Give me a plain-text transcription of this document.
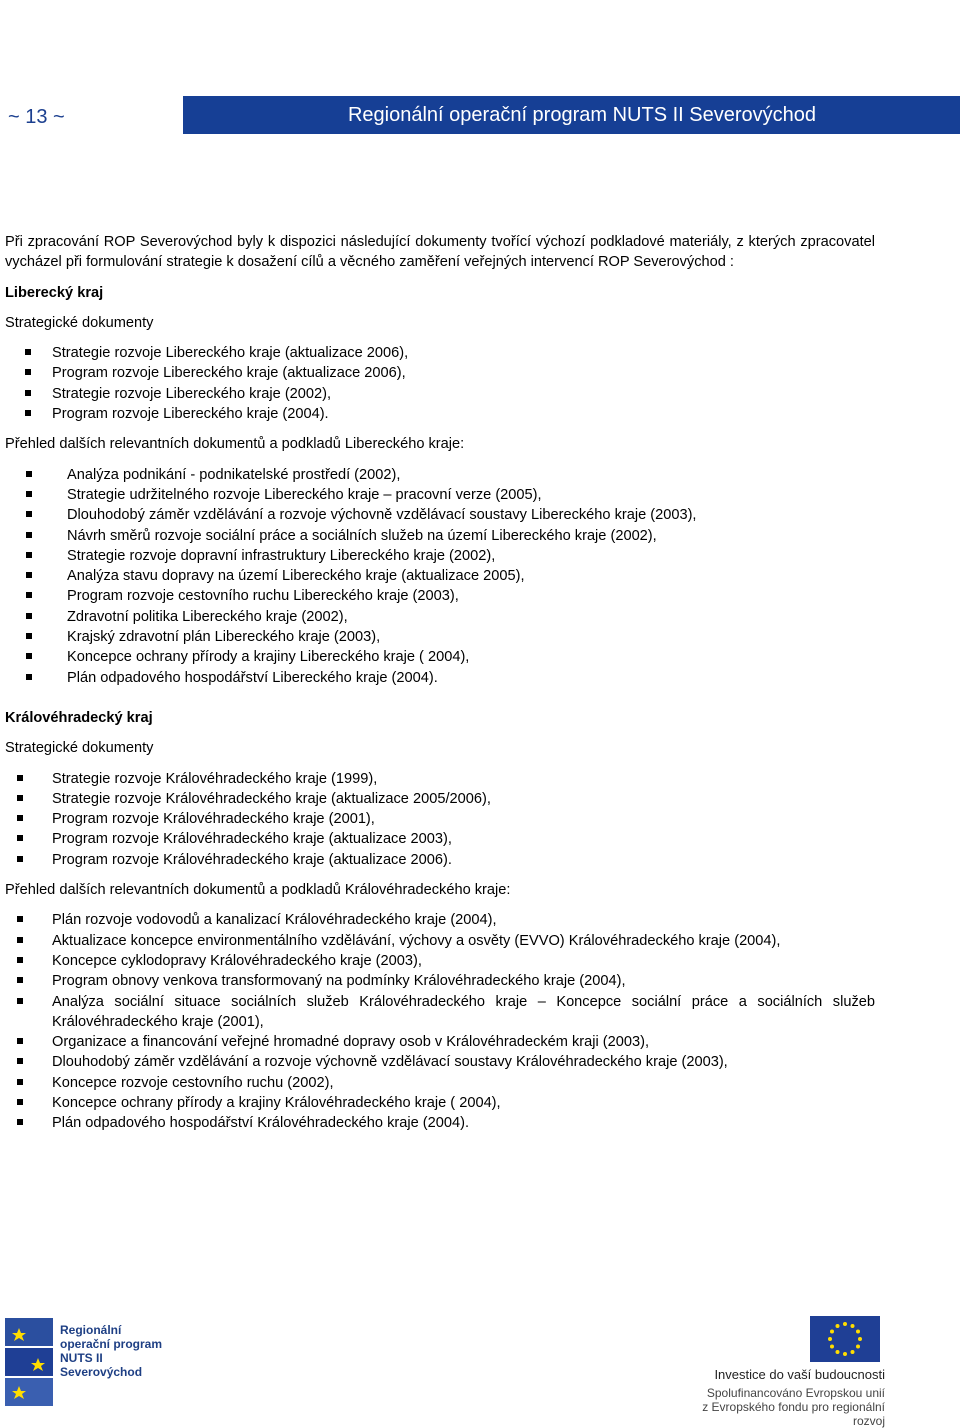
~ 13 ~	Regionální operační program NUTS II Severovýchod

Při zpracování ROP Severovýchod byly k dispozici následující dokumenty tvořící výchozí podkladové materiály, z kterých zpracovatel vycházel při formulování strategie k dosažení cílů a věcného zaměření veřejných intervencí ROP Severovýchod :

Liberecký kraj
Strategické dokumenty
Strategie rozvoje Libereckého kraje (aktualizace 2006),
Program rozvoje Libereckého kraje (aktualizace 2006),
Strategie rozvoje Libereckého kraje (2002),
Program rozvoje Libereckého kraje (2004).
Přehled dalších relevantních dokumentů a podkladů Libereckého kraje:
Analýza podnikání - podnikatelské prostředí (2002),
Strategie udržitelného rozvoje Libereckého kraje – pracovní verze (2005),
Dlouhodobý záměr vzdělávání a rozvoje výchovně vzdělávací soustavy Libereckého kraje (2003),
Návrh směrů rozvoje sociální práce a sociálních služeb na území Libereckého kraje (2002),
Strategie rozvoje dopravní infrastruktury Libereckého kraje (2002),
Analýza stavu dopravy na území Libereckého kraje (aktualizace 2005),
Program rozvoje cestovního ruchu Libereckého kraje (2003),
Zdravotní politika Libereckého kraje (2002),
Krajský zdravotní plán Libereckého kraje (2003),
Koncepce ochrany přírody a krajiny Libereckého kraje ( 2004),
Plán odpadového hospodářství Libereckého kraje (2004).
Královéhradecký kraj
Strategické dokumenty
Strategie rozvoje Královéhradeckého kraje (1999),
Strategie rozvoje Královéhradeckého kraje (aktualizace 2005/2006),
Program rozvoje Královéhradeckého kraje (2001),
Program rozvoje Královéhradeckého kraje (aktualizace 2003),
Program rozvoje Královéhradeckého kraje (aktualizace 2006).
Přehled dalších relevantních dokumentů a podkladů Královéhradeckého kraje:
Plán rozvoje vodovodů a kanalizací Královéhradeckého kraje (2004),
Aktualizace koncepce environmentálního vzdělávání, výchovy a osvěty (EVVO) Královéhradeckého kraje (2004),
Koncepce cyklodopravy Královéhradeckého kraje (2003),
Program obnovy venkova transformovaný na podmínky Královéhradeckého kraje (2004),
Analýza sociální situace sociálních služeb Královéhradeckého kraje – Koncepce sociální práce a sociálních služeb Královéhradeckého kraje (2001),
Organizace a financování veřejné hromadné dopravy osob v Královéhradeckém kraji (2003),
Dlouhodobý záměr vzdělávání a rozvoje výchovně vzdělávací soustavy Královéhradeckého kraje (2003),
Koncepce rozvoje cestovního ruchu (2002),
Koncepce ochrany přírody a krajiny Královéhradeckého kraje ( 2004),
Plán odpadového hospodářství Královéhradeckého kraje (2004).
Regionální
operační program
NUTS II Severovýchod	Investice do vaší budoucnosti
Spolufinancováno Evropskou unií
z Evropského fondu pro regionální rozvoj
